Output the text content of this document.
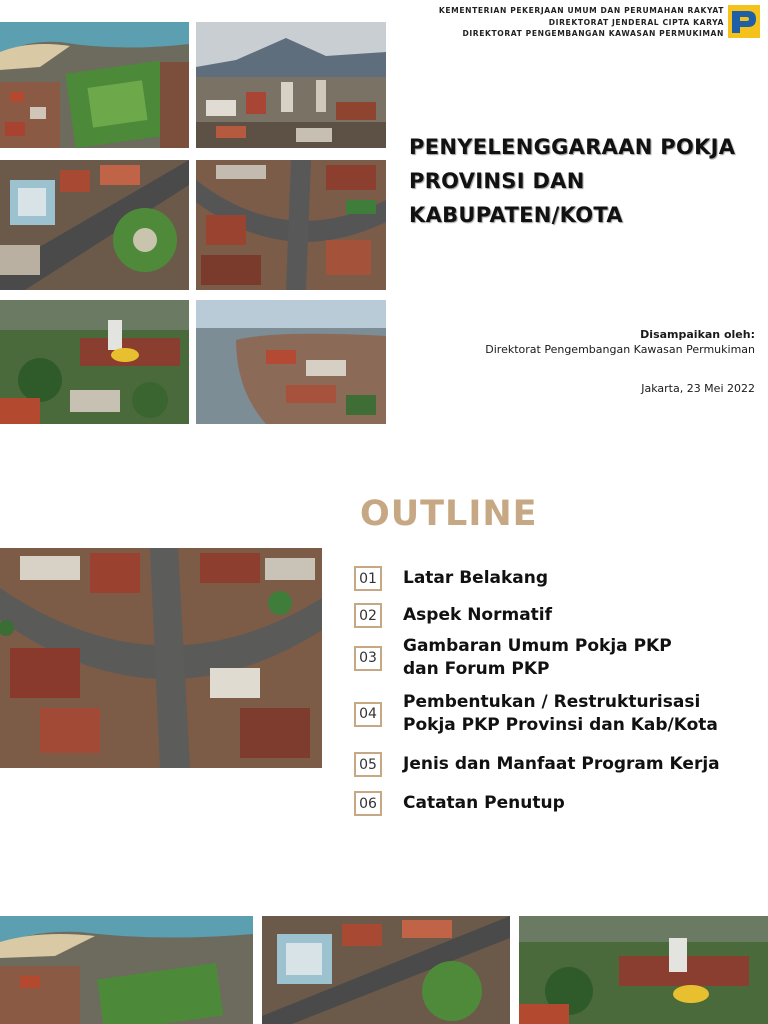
KEMENTERIAN PEKERJAAN UMUM DAN PERUMAHAN RAKYAT
DIREKTORAT JENDERAL CIPTA KARYA
DIREKTORAT PENGEMBANGAN KAWASAN PERMUKIMAN
PENYELENGGARAAN POKJA
PROVINSI DAN
KABUPATEN/KOTA
Disampaikan oleh:
Direktorat Pengembangan Kawasan Permukiman
Jakarta, 23 Mei 2022
OUTLINE
01 Latar Belakang
02 Aspek Normatif
03
Gambaran Umum Pokja PKP
dan Forum PKP
04
Pembentukan / Restrukturisasi
Pokja PKP Provinsi dan Kab/Kota
05 Jenis dan Manfaat Program Kerja
06 Catatan Penutup
